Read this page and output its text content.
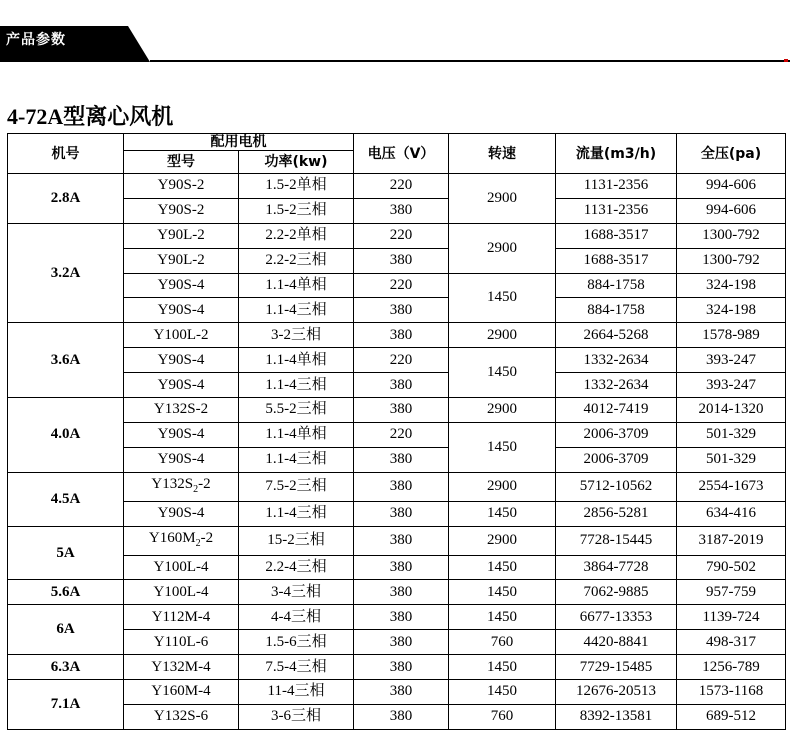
产品参数
4-72A型离心风机
机号	配用电机		电压（V）	转速	流量(m3/h)	全压(pa)
	型号	功率(kw)				
2.8A	Y90S-2	1.5-2单相	220	2900	1131-2356	994-606
	Y90S-2	1.5-2三相	380		1131-2356	994-606
3.2A	Y90L-2	2.2-2单相	220	2900	1688-3517	1300-792
	Y90L-2	2.2-2三相	380		1688-3517	1300-792
	Y90S-4	1.1-4单相	220	1450	884-1758	324-198
	Y90S-4	1.1-4三相	380		884-1758	324-198
3.6A	Y100L-2	3-2三相	380	2900	2664-5268	1578-989
	Y90S-4	1.1-4单相	220	1450	1332-2634	393-247
	Y90S-4	1.1-4三相	380		1332-2634	393-247
4.0A	Y132S-2	5.5-2三相	380	2900	4012-7419	2014-1320
	Y90S-4	1.1-4单相	220	1450	2006-3709	501-329
	Y90S-4	1.1-4三相	380		2006-3709	501-329
4.5A	$Y132S_2-2$	7.5-2三相	380	2900	5712-10562	2554-1673
	Y90S-4	1.1-4三相	380	1450	2856-5281	634-416
5A	$Y160M_2-2$	15-2三相	380	2900	7728-15445	3187-2019
	Y100L-4	2.2-4三相	380	1450	3864-7728	790-502
5.6A	Y100L-4	3-4三相	380	1450	7062-9885	957-759
6A	Y112M-4	4-4三相	380	1450	6677-13353	1139-724
	Y110L-6	1.5-6三相	380	760	4420-8841	498-317
6.3A	Y132M-4	7.5-4三相	380	1450	7729-15485	1256-789
7.1A	Y160M-4	11-4三相	380	1450	12676-20513	1573-1168
	Y132S-6	3-6三相	380	760	8392-13581	689-512
